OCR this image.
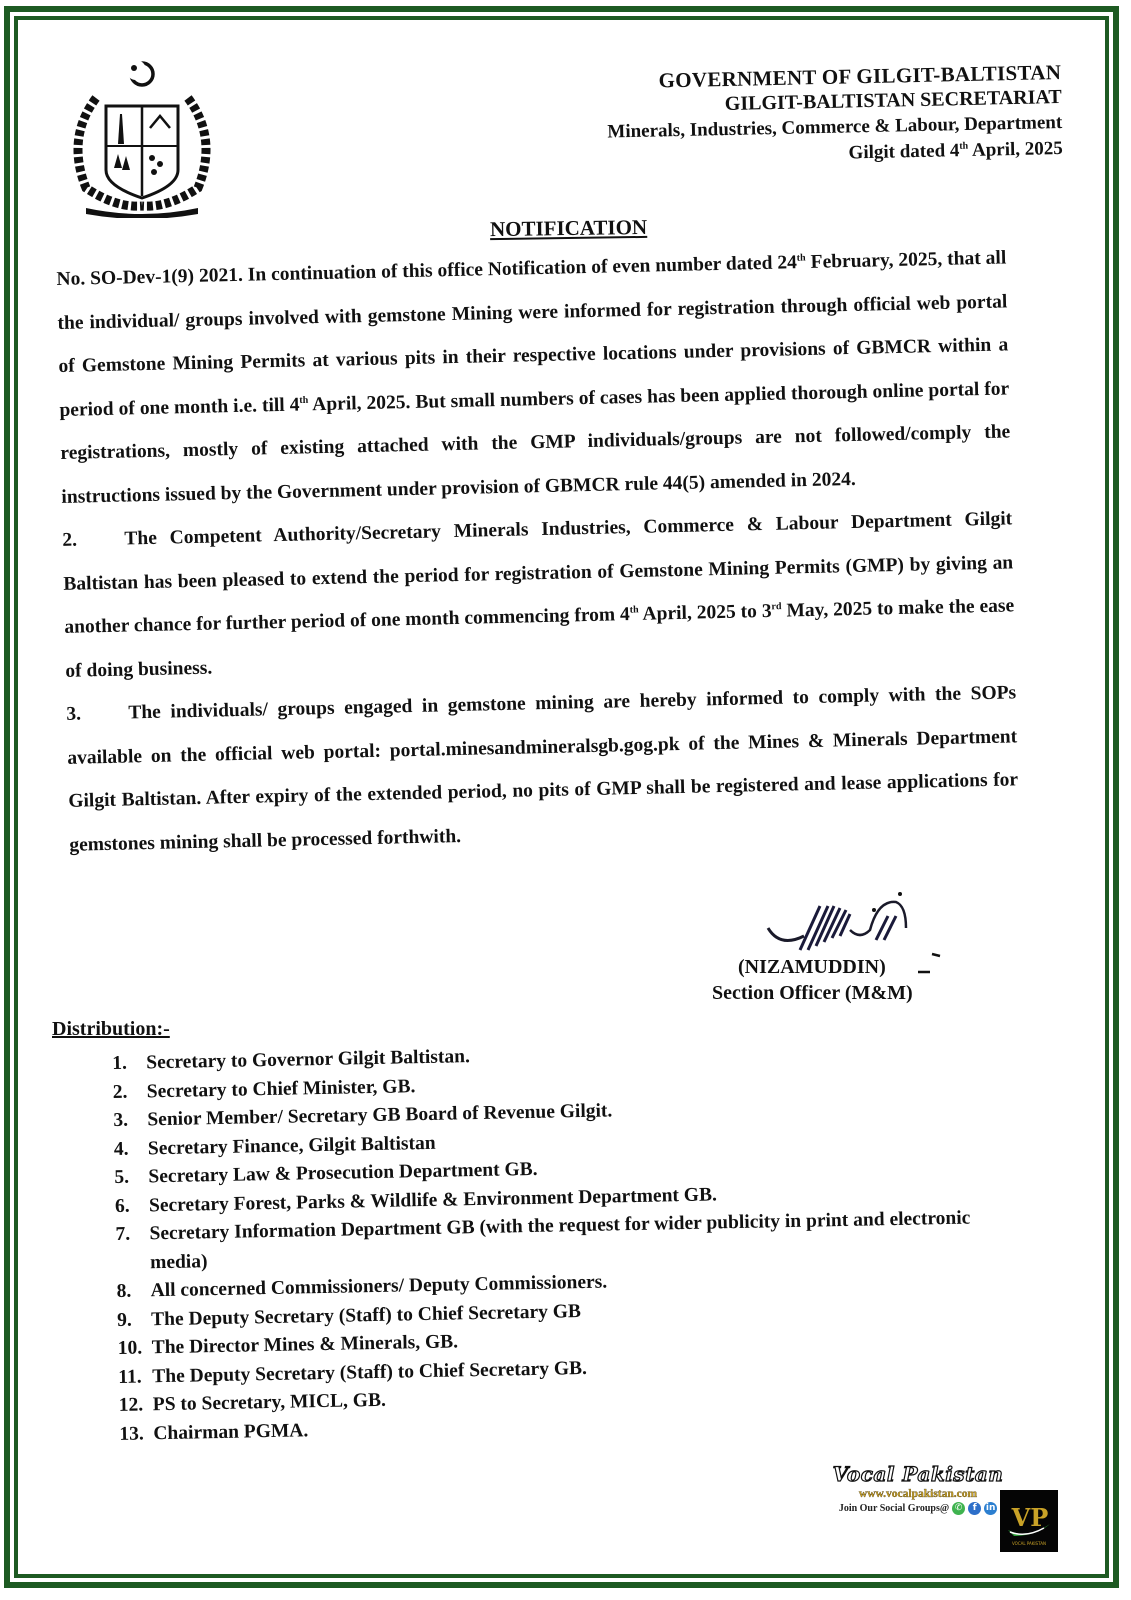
GOVERNMENT OF GILGIT-BALTISTAN
GILGIT-BALTISTAN SECRETARIAT
Minerals, Industries, Commerce & Labour, Department
Gilgit dated 4th April, 2025
NOTIFICATION

No. SO-Dev-1(9) 2021. In continuation of this office Notification of even number dated 24th February, 2025, that all the individual/ groups involved with gemstone Mining were informed for registration through official web portal of Gemstone Mining Permits at various pits in their respective locations under provisions of GBMCR within a period of one month i.e. till 4th April, 2025. But small numbers of cases has been applied thorough online portal for registrations, mostly of existing attached with the GMP individuals/groups are not followed/comply the instructions issued by the Government under provision of GBMCR rule 44(5) amended in 2024.

2. The Competent Authority/Secretary Minerals Industries, Commerce & Labour Department Gilgit Baltistan has been pleased to extend the period for registration of Gemstone Mining Permits (GMP) by giving an another chance for further period of one month commencing from 4th April, 2025 to 3rd May, 2025 to make the ease of doing business.

3. The individuals/ groups engaged in gemstone mining are hereby informed to comply with the SOPs available on the official web portal: portal.minesandmineralsgb.gog.pk of the Mines & Minerals Department Gilgit Baltistan. After expiry of the extended period, no pits of GMP shall be registered and lease applications for gemstones mining shall be processed forthwith.

(NIZAMUDDIN)
Section Officer (M&M)
Distribution:-
1. Secretary to Governor Gilgit Baltistan.
2. Secretary to Chief Minister, GB.
3. Senior Member/ Secretary GB Board of Revenue Gilgit.
4. Secretary Finance, Gilgit Baltistan
5. Secretary Law & Prosecution Department GB.
6. Secretary Forest, Parks & Wildlife & Environment Department GB.
7. Secretary Information Department GB (with the request for wider publicity in print and electronic media)
8. All concerned Commissioners/ Deputy Commissioners.
9. The Deputy Secretary (Staff) to Chief Secretary GB
10. The Director Mines & Minerals, GB.
11. The Deputy Secretary (Staff) to Chief Secretary GB.
12. PS to Secretary, MICL, GB.
13. Chairman PGMA.
Vocal Pakistan
www.vocalpakistan.com
Join Our Social Groups@ ✆	f	in VP
VOCAL PAKISTAN
